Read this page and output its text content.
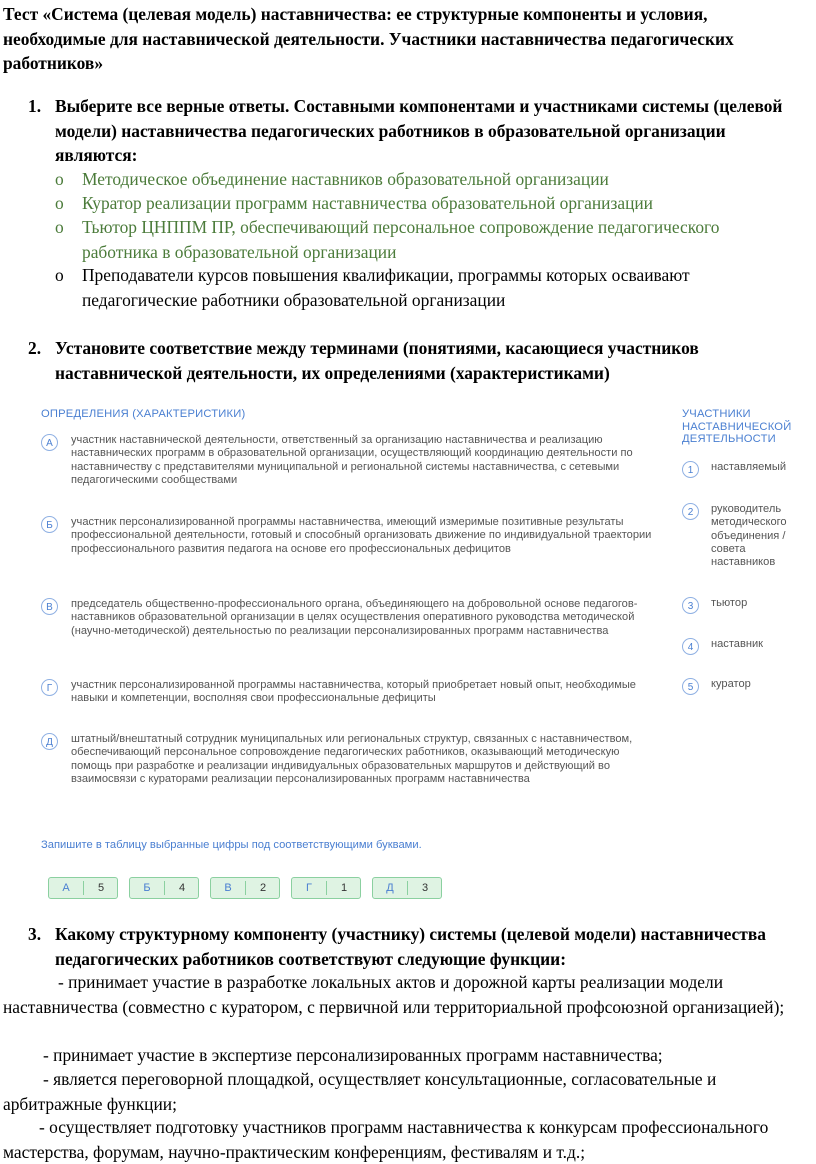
Тест «Система (целевая модель) наставничества: ее структурные компоненты и условия, необходимые для наставнической деятельности. Участники наставничества педагогических работников»
1. Выберите все верные ответы. Составными компонентами и участниками системы (целевой модели) наставничества педагогических работников в образовательной организации являются:
o Методическое объединение наставников образовательной организации
o Куратор реализации программ наставничества образовательной организации
o Тьютор ЦНППМ ПР, обеспечивающий персональное сопровождение педагогического работника в образовательной организации
o Преподаватели курсов повышения квалификации, программы которых осваивают педагогические работники образовательной организации
2. Установите соответствие между терминами (понятиями, касающиеся участников наставнической деятельности, их определениями (характеристиками)
ОПРЕДЕЛЕНИЯ (ХАРАКТЕРИСТИКИ)	УЧАСТНИКИ НАСТАВНИЧЕСКОЙ ДЕЯТЕЛЬНОСТИ
А	участник наставнической деятельности, ответственный за организацию наставничества и реализацию наставнических программ в образовательной организации, осуществляющий координацию деятельности по наставничеству с представителями муниципальной и региональной системы наставничества, с сетевыми педагогическими сообществами
Б	участник персонализированной программы наставничества, имеющий измеримые позитивные результаты профессиональной деятельности, готовый и способный организовать движение по индивидуальной траектории профессионального развития педагога на основе его профессиональных дефицитов
В	председатель общественно-профессионального органа, объединяющего на добровольной основе педагогов-наставников образовательной организации в целях осуществления оперативного руководства методической (научно-методической) деятельностью по реализации персонализированных программ наставничества
Г	участник персонализированной программы наставничества, который приобретает новый опыт, необходимые навыки и компетенции, восполняя свои профессиональные дефициты
Д	штатный/внештатный сотрудник муниципальных или региональных структур, связанных с наставничеством, обеспечивающий персональное сопровождение педагогических работников, оказывающий методическую помощь при разработке и реализации индивидуальных образовательных маршрутов и действующий во взаимосвязи с кураторами реализации персонализированных программ наставничества
1	наставляемый
2	руководитель методического объединения / совета наставников
3	тьютор
4	наставник
5	куратор
Запишите в таблицу выбранные цифры под соответствующими буквами.
А	5	Б	4	В	2	Г	1	Д	3
3. Какому структурному компоненту (участнику) системы (целевой модели) наставничества педагогических работников соответствуют следующие функции:
- принимает участие в разработке локальных актов и дорожной карты реализации модели наставничества (совместно с куратором, с первичной или территориальной профсоюзной организацией);
- принимает участие в экспертизе персонализированных программ наставничества;
- является переговорной площадкой, осуществляет консультационные, согласовательные и арбитражные функции;
- осуществляет подготовку участников программ наставничества к конкурсам профессионального мастерства, форумам, научно-практическим конференциям, фестивалям и т.д.;
